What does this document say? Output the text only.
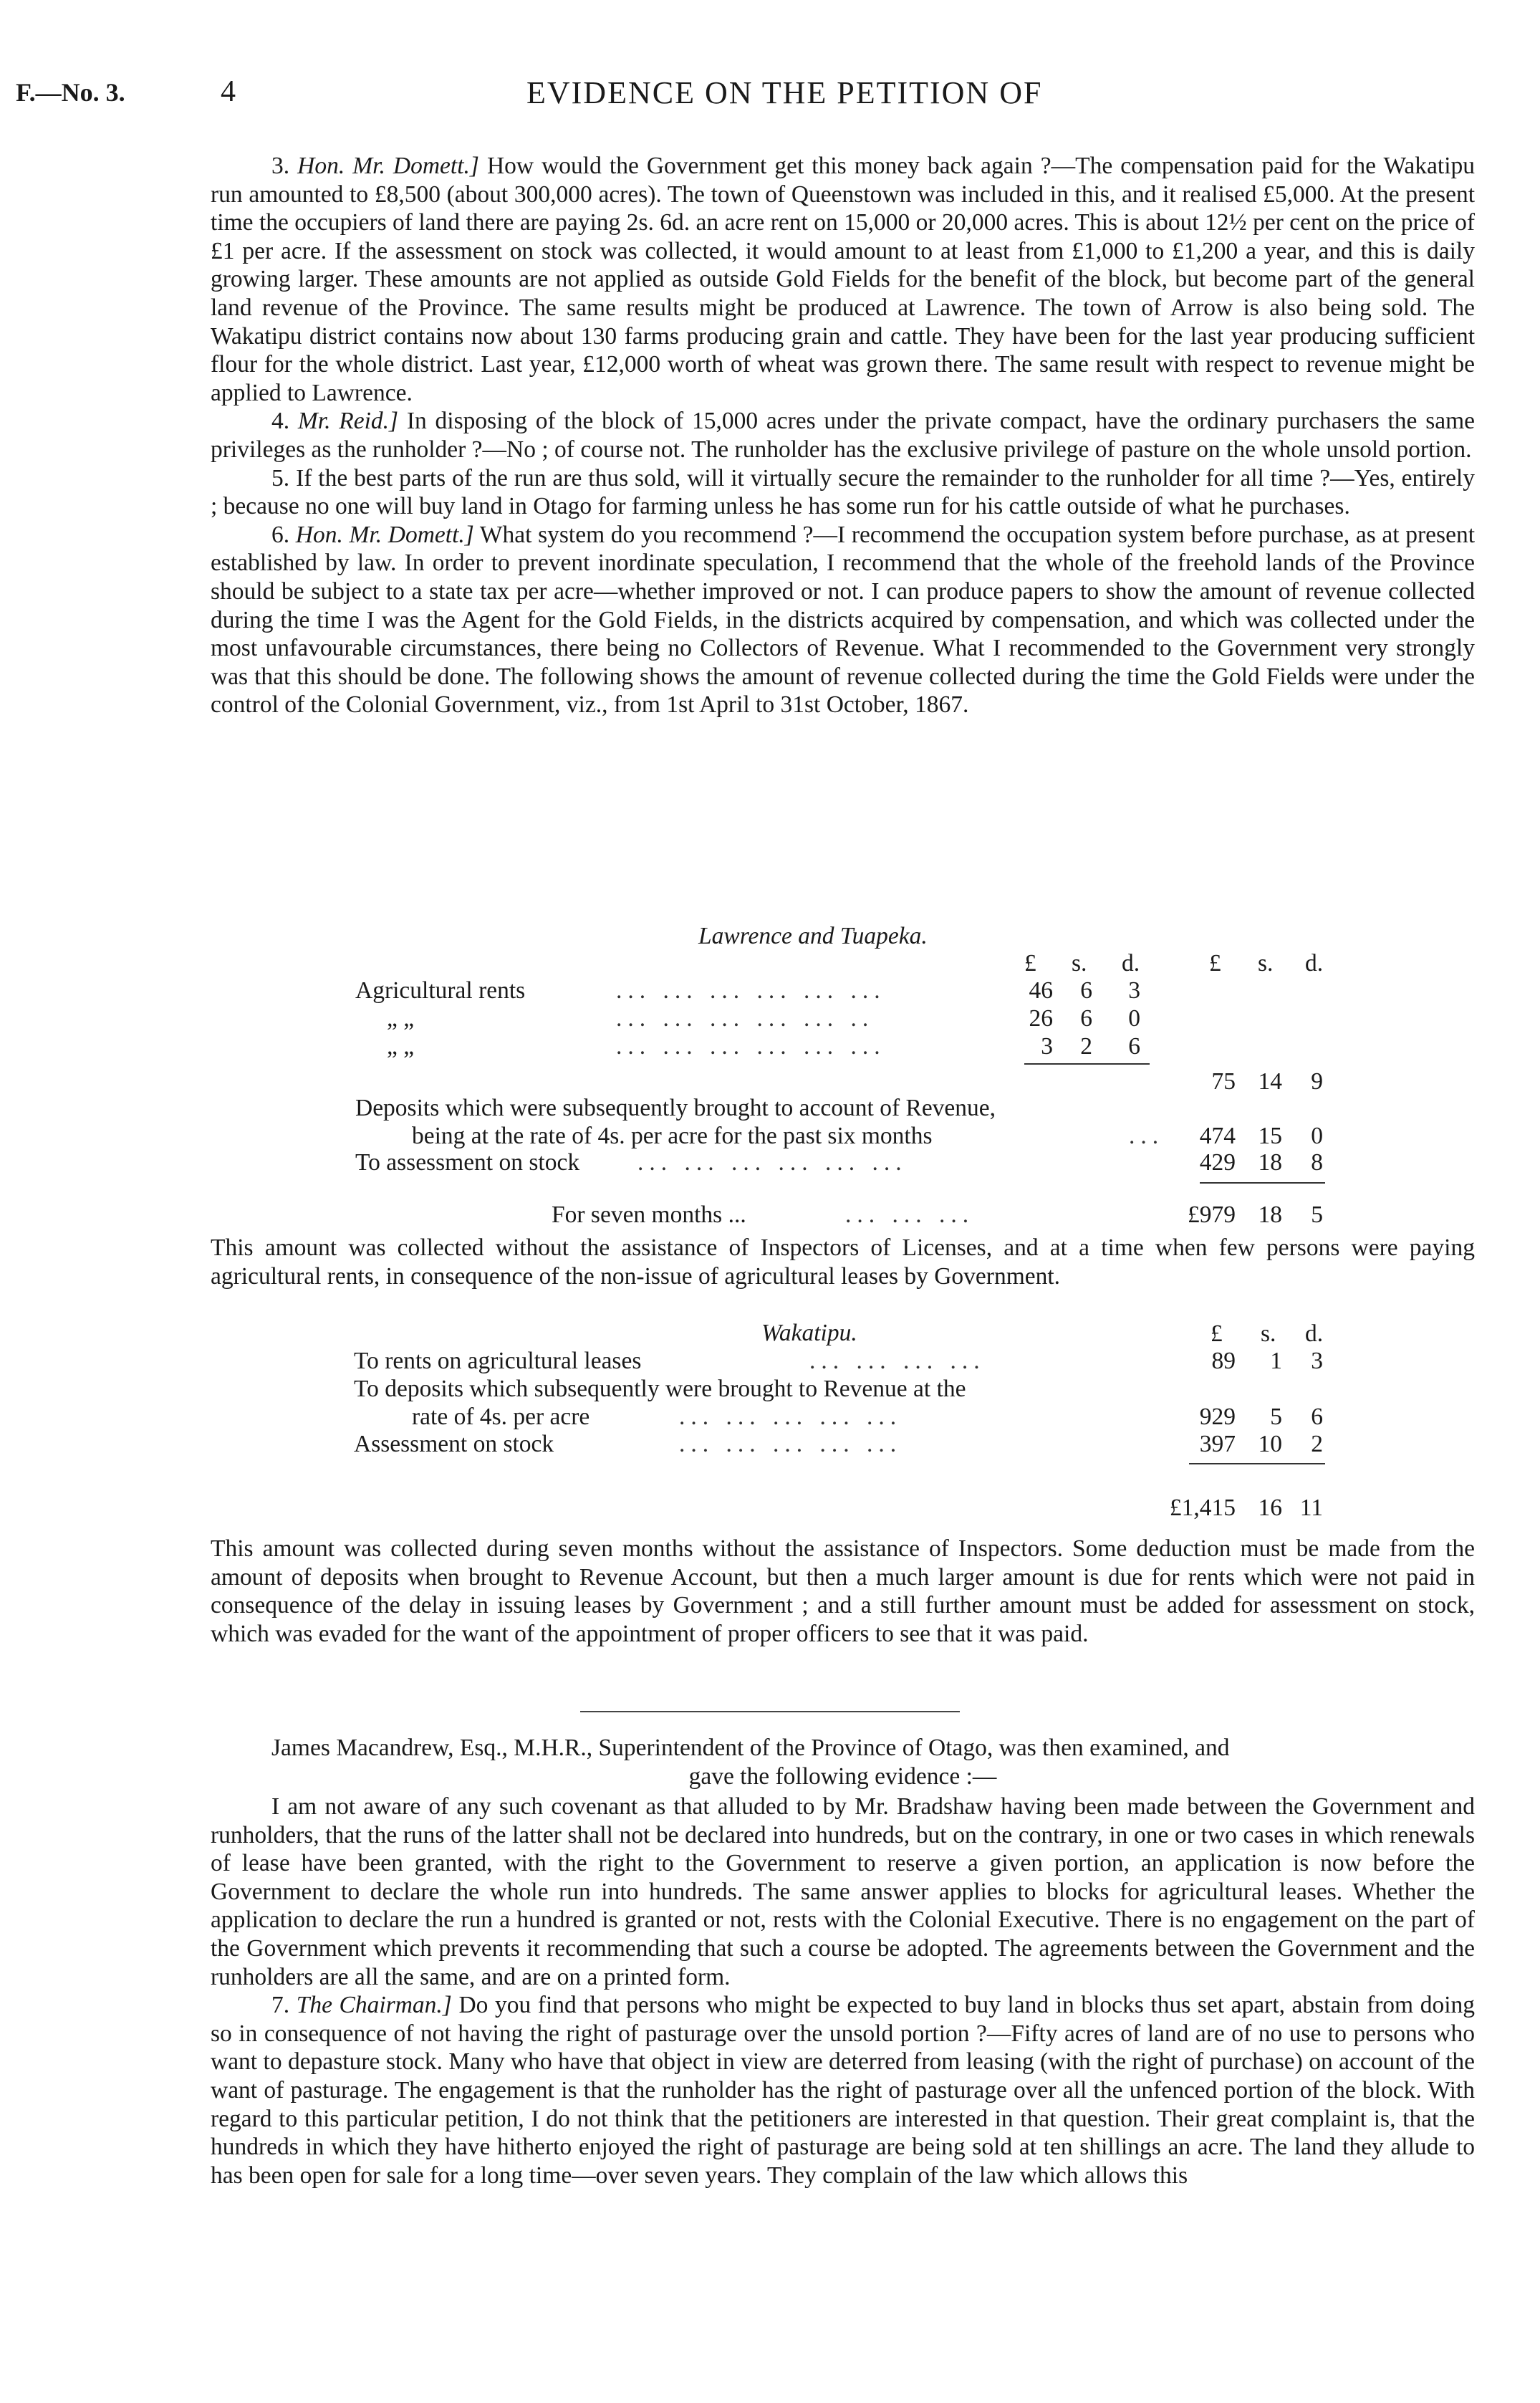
F.—No. 3.	4	EVIDENCE ON THE PETITION OF

3. Hon. Mr. Domett.] How would the Government get this money back again ?—The compensation paid for the Wakatipu run amounted to £8,500 (about 300,000 acres). The town of Queenstown was included in this, and it realised £5,000. At the present time the occupiers of land there are paying 2s. 6d. an acre rent on 15,000 or 20,000 acres. This is about 12½ per cent on the price of £1 per acre. If the assessment on stock was collected, it would amount to at least from £1,000 to £1,200 a year, and this is daily growing larger. These amounts are not applied as outside Gold Fields for the benefit of the block, but become part of the general land revenue of the Province. The same results might be produced at Lawrence. The town of Arrow is also being sold. The Wakatipu district contains now about 130 farms producing grain and cattle. They have been for the last year producing sufficient flour for the whole district. Last year, £12,000 worth of wheat was grown there. The same result with respect to revenue might be applied to Lawrence.

4. Mr. Reid.] In disposing of the block of 15,000 acres under the private compact, have the ordinary purchasers the same privileges as the runholder ?—No ; of course not. The runholder has the exclusive privilege of pasture on the whole unsold portion.

5. If the best parts of the run are thus sold, will it virtually secure the remainder to the runholder for all time ?—Yes, entirely ; because no one will buy land in Otago for farming unless he has some run for his cattle outside of what he purchases.

6. Hon. Mr. Domett.] What system do you recommend ?—I recommend the occupation system before purchase, as at present established by law. In order to prevent inordinate speculation, I recommend that the whole of the freehold lands of the Province should be subject to a state tax per acre—whether improved or not. I can produce papers to show the amount of revenue collected during the time I was the Agent for the Gold Fields, in the districts acquired by compensation, and which was collected under the most unfavourable circumstances, there being no Collectors of Revenue. What I recommended to the Government very strongly was that this should be done. The following shows the amount of revenue collected during the time the Gold Fields were under the control of the Colonial Government, viz., from 1st April to 31st October, 1867.

Lawrence and Tuapeka.
£ s. d.	£ s. d.
Agricultural rents	... ... ... ... ... ...	46	6	3
„ „	... ... ... ... ... ..	26	6	0
„ „	... ... ... ... ... ...	3	2	6
75 14	9
Deposits which were subsequently brought to account of Revenue,
being at the rate of 4s. per acre for the past six months	...	474 15	0
To assessment on stock ... ... ... ... ... ...	429 18	8
For seven months ...	... ... ...	£979 18	5

This amount was collected without the assistance of Inspectors of Licenses, and at a time when few persons were paying agricultural rents, in consequence of the non-issue of agricultural leases by Government.

Wakatipu.	£ s. d.
To rents on agricultural leases	... ... ... ...	89	1	3
To deposits which subsequently were brought to Revenue at the
rate of 4s. per acre	... ... ... ... ...	929	5	6
Assessment on stock	... ... ... ... ...	397 10	2
£1,415 16 11

This amount was collected during seven months without the assistance of Inspectors. Some deduction must be made from the amount of deposits when brought to Revenue Account, but then a much larger amount is due for rents which were not paid in consequence of the delay in issuing leases by Government ; and a still further amount must be added for assessment on stock, which was evaded for the want of the appointment of proper officers to see that it was paid.

James Macandrew, Esq., M.H.R., Superintendent of the Province of Otago, was then examined, and
gave the following evidence :—

I am not aware of any such covenant as that alluded to by Mr. Bradshaw having been made between the Government and runholders, that the runs of the latter shall not be declared into hundreds, but on the contrary, in one or two cases in which renewals of lease have been granted, with the right to the Government to reserve a given portion, an application is now before the Government to declare the whole run into hundreds. The same answer applies to blocks for agricultural leases. Whether the application to declare the run a hundred is granted or not, rests with the Colonial Executive. There is no engagement on the part of the Government which prevents it recommending that such a course be adopted. The agreements between the Government and the runholders are all the same, and are on a printed form.

7. The Chairman.] Do you find that persons who might be expected to buy land in blocks thus set apart, abstain from doing so in consequence of not having the right of pasturage over the unsold portion ?—Fifty acres of land are of no use to persons who want to depasture stock. Many who have that object in view are deterred from leasing (with the right of purchase) on account of the want of pasturage. The engagement is that the runholder has the right of pasturage over all the unfenced portion of the block. With regard to this particular petition, I do not think that the petitioners are interested in that question. Their great complaint is, that the hundreds in which they have hitherto enjoyed the right of pasturage are being sold at ten shillings an acre. The land they allude to has been open for sale for a long time—over seven years. They complain of the law which allows this
